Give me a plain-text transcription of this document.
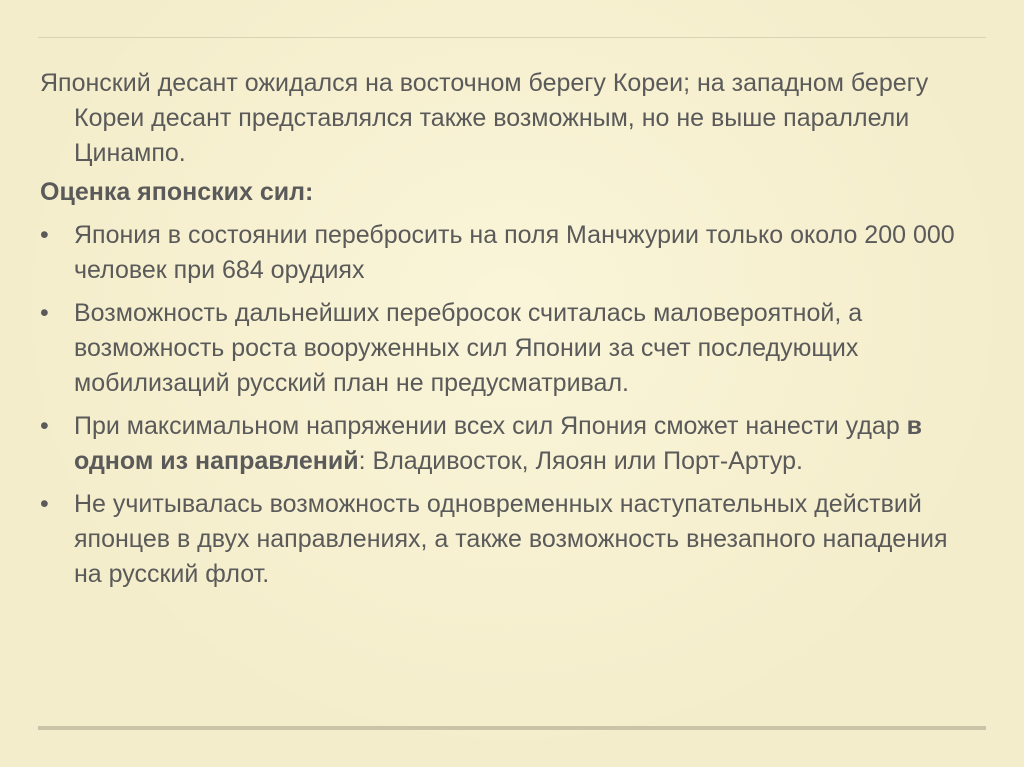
Японский десант ожидался на восточном берегу Кореи; на западном берегу Кореи десант представлялся также возможным, но не выше параллели Цинампо.

Оценка японских сил:

•	Япония в состоянии перебросить на поля Манчжурии только около 200 000 человек при 684 орудиях
•	Возможность дальнейших перебросок считалась маловероятной, а возможность роста вооруженных сил Японии за счет последующих мобилизаций русский план не предусматривал.
•	При максимальном напряжении всех сил Япония сможет нанести удар в одном из направлений: Владивосток, Ляоян или Порт-Артур.
•	Не учитывалась возможность одновременных наступательных действий японцев в двух направлениях, а также возможность внезапного нападения на русский флот.
